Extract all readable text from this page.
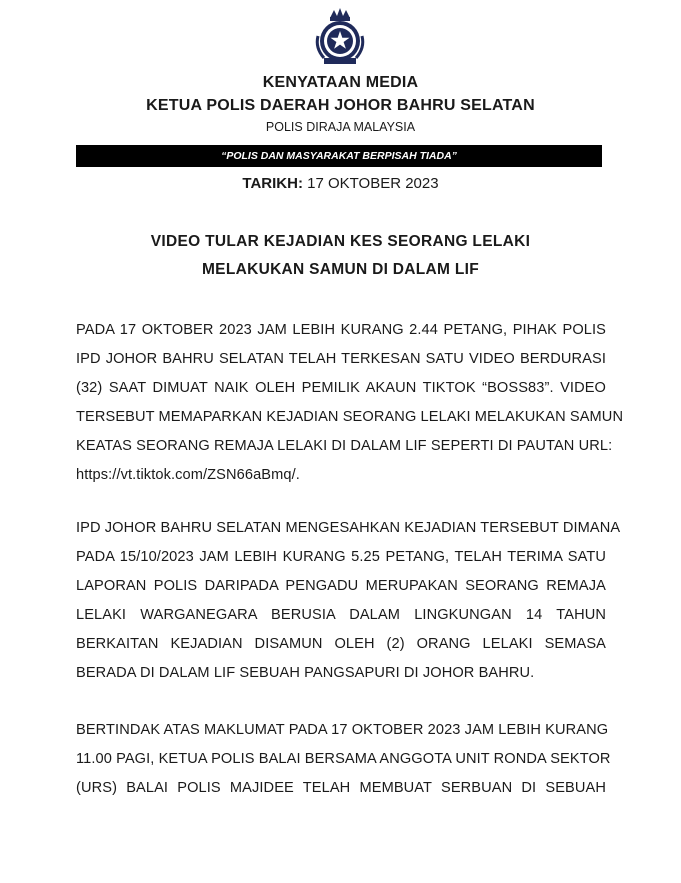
KENYATAAN MEDIA
KETUA POLIS DAERAH JOHOR BAHRU SELATAN
POLIS DIRAJA MALAYSIA
“POLIS DAN MASYARAKAT BERPISAH TIADA”
TARIKH: 17 OKTOBER 2023
VIDEO TULAR KEJADIAN KES SEORANG LELAKI
MELAKUKAN SAMUN DI DALAM LIF
PADA 17 OKTOBER 2023 JAM LEBIH KURANG 2.44 PETANG, PIHAK POLIS
IPD JOHOR BAHRU SELATAN TELAH TERKESAN SATU VIDEO BERDURASI
(32) SAAT DIMUAT NAIK OLEH PEMILIK AKAUN TIKTOK “BOSS83”. VIDEO
TERSEBUT MEMAPARKAN KEJADIAN SEORANG LELAKI MELAKUKAN SAMUN
KEATAS SEORANG REMAJA LELAKI DI DALAM LIF SEPERTI DI PAUTAN URL:
https://vt.tiktok.com/ZSN66aBmq/.
IPD JOHOR BAHRU SELATAN MENGESAHKAN KEJADIAN TERSEBUT DIMANA
PADA 15/10/2023 JAM LEBIH KURANG 5.25 PETANG, TELAH TERIMA SATU
LAPORAN POLIS DARIPADA PENGADU MERUPAKAN SEORANG REMAJA
LELAKI WARGANEGARA BERUSIA DALAM LINGKUNGAN 14 TAHUN
BERKAITAN KEJADIAN DISAMUN OLEH (2) ORANG LELAKI SEMASA
BERADA DI DALAM LIF SEBUAH PANGSAPURI DI JOHOR BAHRU.
BERTINDAK ATAS MAKLUMAT PADA 17 OKTOBER 2023 JAM LEBIH KURANG
11.00 PAGI, KETUA POLIS BALAI BERSAMA ANGGOTA UNIT RONDA SEKTOR
(URS) BALAI POLIS MAJIDEE TELAH MEMBUAT SERBUAN DI SEBUAH
